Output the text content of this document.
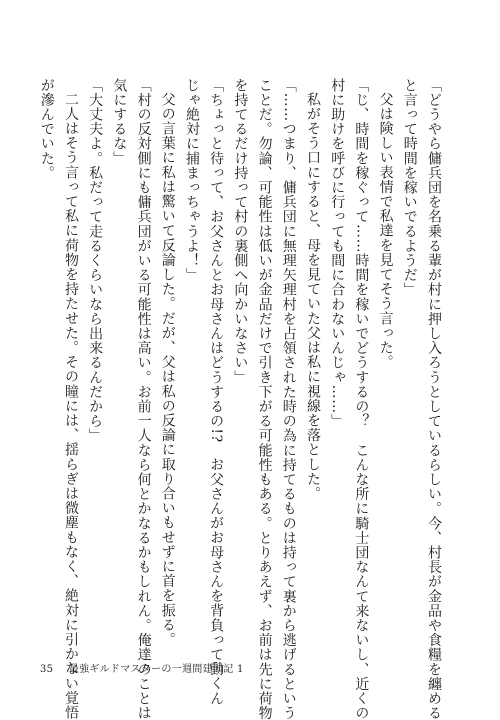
「どうやら傭兵団を名乗る輩が村に押し入ろうとしているらしい。今、村長が金品や食糧を纏める

と言って時間を稼いでるようだ」

父は険しい表情で私達を見てそう言った。

「じ、時間を稼ぐって……時間を稼いでどうするの？　こんな所に騎士団なんて来ないし、近くの

村に助けを呼びに行っても間に合わないんじゃ……」

私がそう口にすると、母を見ていた父は私に視線を落とした。

「……つまり、傭兵団に無理矢理村を占領された時の為に持てるものは持って裏から逃げるという

ことだ。勿論、可能性は低いが金品だけで引き下がる可能性もある。とりあえず、お前は先に荷物

を持てるだけ持って村の裏側へ向かいなさい」

「ちょっと待って、お父さんとお母さんはどうするの!?　お父さんがお母さんを背負って動くん

じゃ絶対に捕まっちゃうよ！」

父の言葉に私は驚いて反論した。だが、父は私の反論に取り合いもせずに首を振る。

「村の反対側にも傭兵団がいる可能性は高い。お前一人なら何とかなるかもしれん。俺達のことは

気にするな」

「大丈夫よ。私だって走るくらいなら出来るんだから」

二人はそう言って私に荷物を持たせた。その瞳には、揺らぎは微塵もなく、絶対に引かない覚悟

が滲んでいた。

35 最強ギルドマスターの一週間建国記 1
